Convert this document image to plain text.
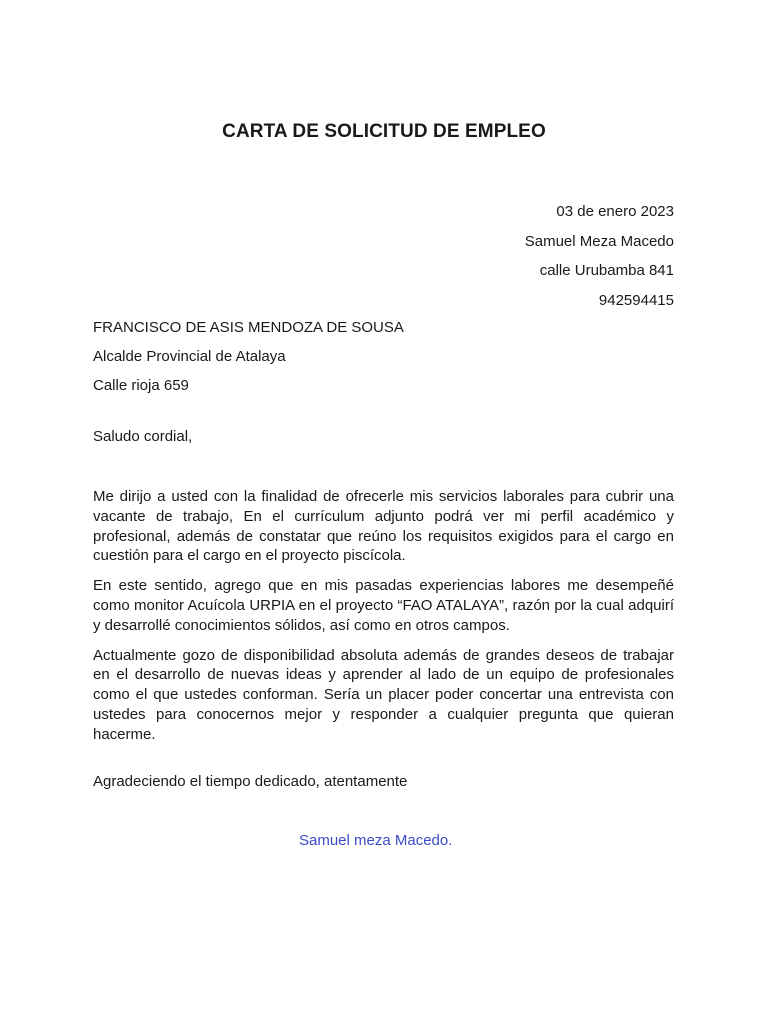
CARTA DE SOLICITUD DE EMPLEO
03 de enero 2023
Samuel Meza Macedo
calle Urubamba 841
942594415
FRANCISCO DE ASIS MENDOZA DE SOUSA
Alcalde Provincial de Atalaya
Calle rioja 659
Saludo cordial,

Me dirijo a usted con la finalidad de ofrecerle mis servicios laborales para cubrir una vacante de trabajo, En el currículum adjunto podrá ver mi perfil académico y profesional, además de constatar que reúno los requisitos exigidos para el cargo en cuestión para el cargo en el proyecto piscícola.

En este sentido, agrego que en mis pasadas experiencias labores me desempeñé como monitor Acuícola URPIA en el proyecto “FAO ATALAYA”, razón por la cual adquirí y desarrollé conocimientos sólidos, así como en otros campos.

Actualmente gozo de disponibilidad absoluta además de grandes deseos de trabajar en el desarrollo de nuevas ideas y aprender al lado de un equipo de profesionales como el que ustedes conforman. Sería un placer poder concertar una entrevista con ustedes para conocernos mejor y responder a cualquier pregunta que quieran hacerme.

Agradeciendo el tiempo dedicado, atentamente
Samuel meza Macedo.
